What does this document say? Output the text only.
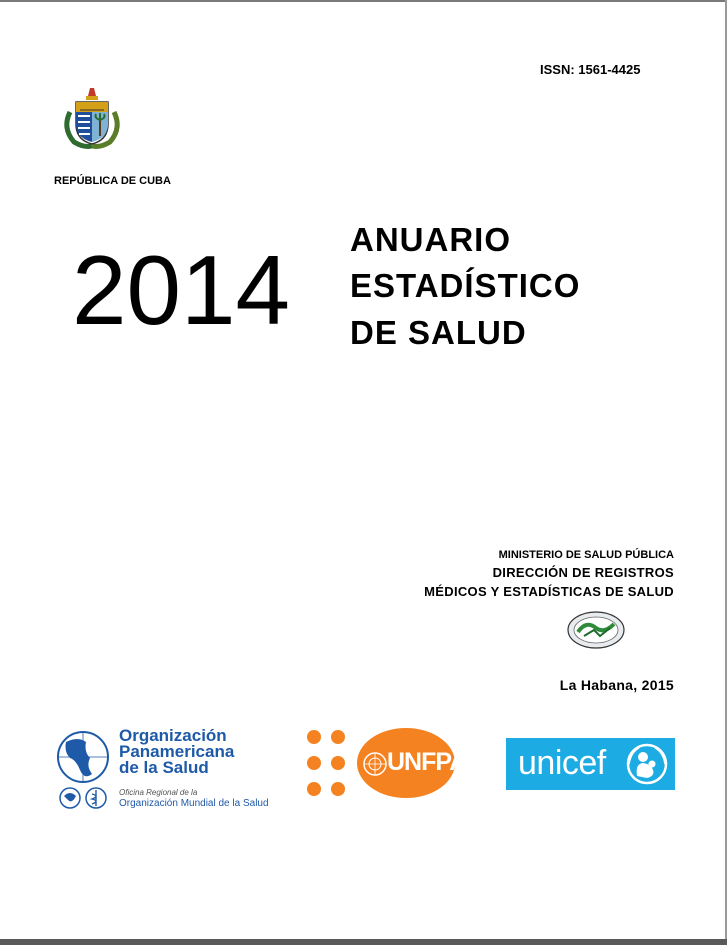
ISSN: 1561-4425
REPÚBLICA DE CUBA
2014 ANUARIO
ESTADÍSTICO
DE SALUD
MINISTERIO DE SALUD PÚBLICA
DIRECCIÓN DE REGISTROS
MÉDICOS Y ESTADÍSTICAS DE SALUD
La Habana, 2015
Organización
Panamericana
de la Salud
Oficina Regional de la
Organización Mundial de la Salud
UNFPA unicef
